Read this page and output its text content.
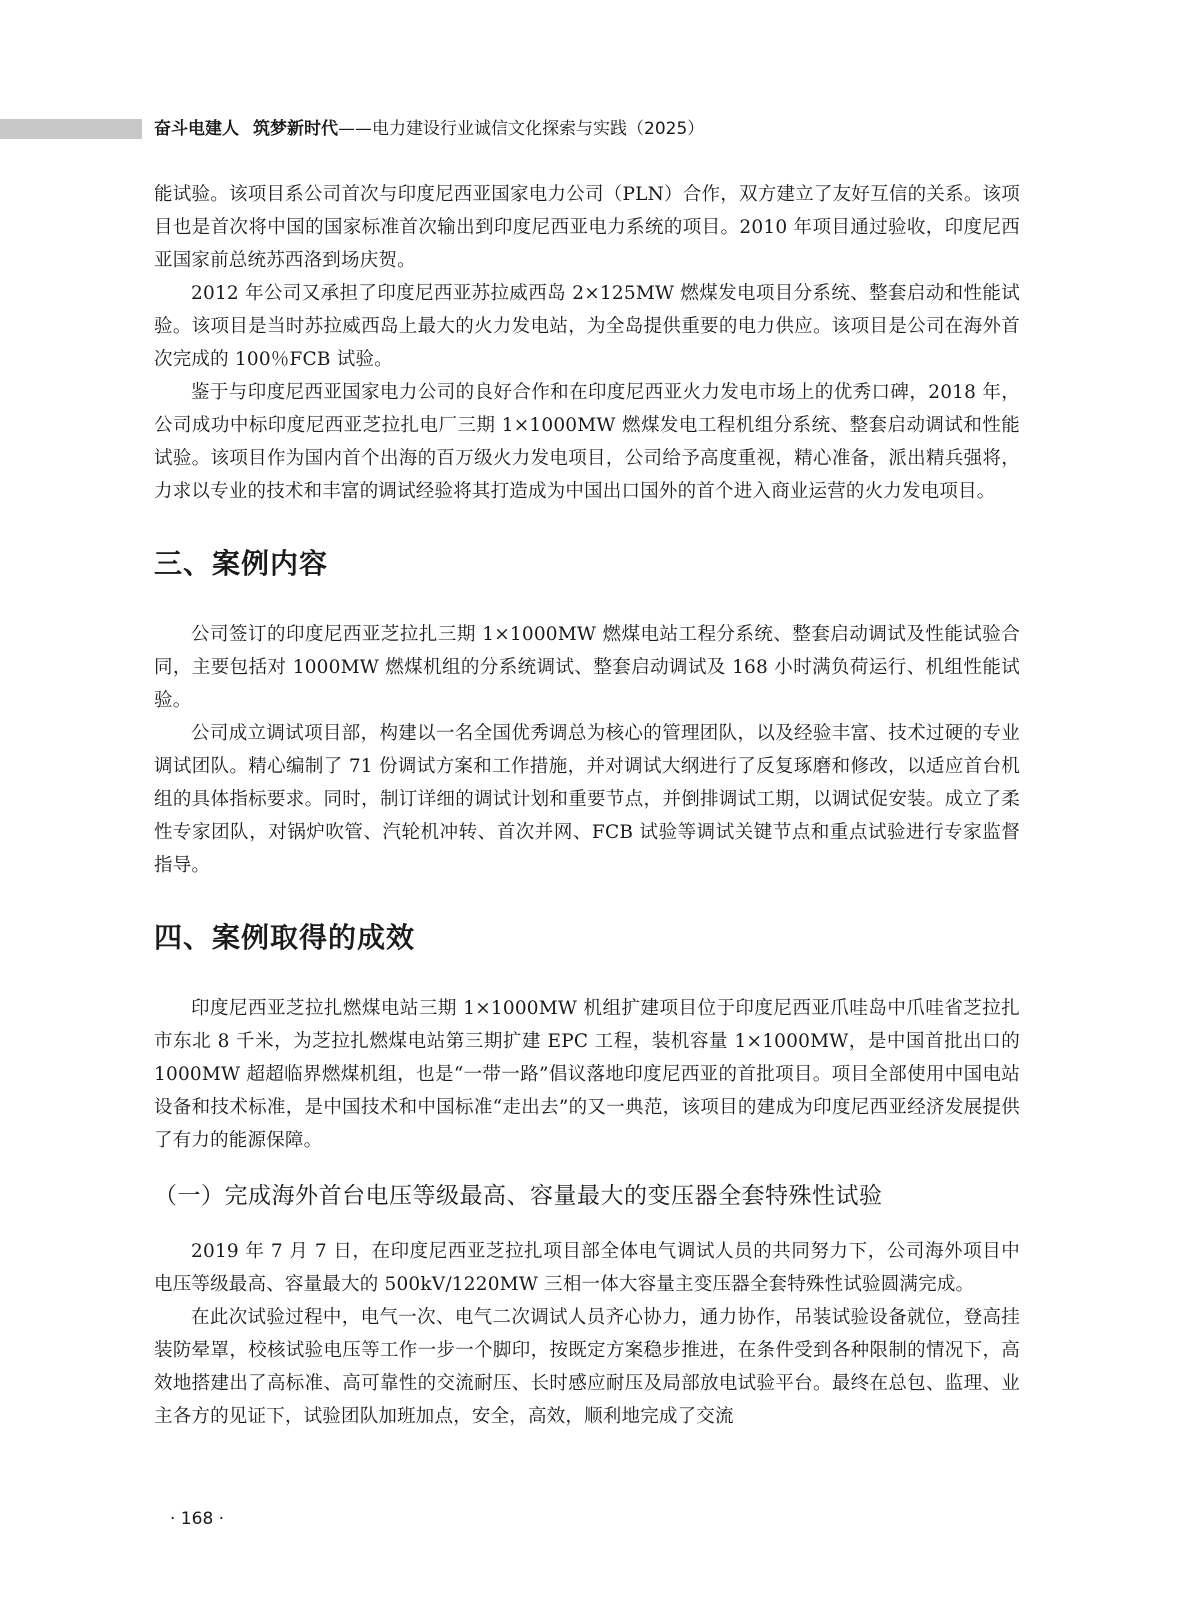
奋斗电建人 筑梦新时代——电力建设行业诚信文化探索与实践（2025）

能试验。该项目系公司首次与印度尼西亚国家电力公司（PLN）合作，双方建立了友好互信的关系。该项目也是首次将中国的国家标准首次输出到印度尼西亚电力系统的项目。2010 年项目通过验收，印度尼西亚国家前总统苏西洛到场庆贺。

2012 年公司又承担了印度尼西亚苏拉威西岛 2×125MW 燃煤发电项目分系统、整套启动和性能试验。该项目是当时苏拉威西岛上最大的火力发电站，为全岛提供重要的电力供应。该项目是公司在海外首次完成的 100％FCB 试验。

鉴于与印度尼西亚国家电力公司的良好合作和在印度尼西亚火力发电市场上的优秀口碑，2018 年，公司成功中标印度尼西亚芝拉扎电厂三期 1×1000MW 燃煤发电工程机组分系统、整套启动调试和性能试验。该项目作为国内首个出海的百万级火力发电项目，公司给予高度重视，精心准备，派出精兵强将，力求以专业的技术和丰富的调试经验将其打造成为中国出口国外的首个进入商业运营的火力发电项目。

三、案例内容

公司签订的印度尼西亚芝拉扎三期 1×1000MW 燃煤电站工程分系统、整套启动调试及性能试验合同，主要包括对 1000MW 燃煤机组的分系统调试、整套启动调试及 168 小时满负荷运行、机组性能试验。

公司成立调试项目部，构建以一名全国优秀调总为核心的管理团队，以及经验丰富、技术过硬的专业调试团队。精心编制了 71 份调试方案和工作措施，并对调试大纲进行了反复琢磨和修改，以适应首台机组的具体指标要求。同时，制订详细的调试计划和重要节点，并倒排调试工期，以调试促安装。成立了柔性专家团队，对锅炉吹管、汽轮机冲转、首次并网、FCB 试验等调试关键节点和重点试验进行专家监督指导。

四、案例取得的成效

印度尼西亚芝拉扎燃煤电站三期 1×1000MW 机组扩建项目位于印度尼西亚爪哇岛中爪哇省芝拉扎市东北 8 千米，为芝拉扎燃煤电站第三期扩建 EPC 工程，装机容量 1×1000MW，是中国首批出口的 1000MW 超超临界燃煤机组，也是“一带一路”倡议落地印度尼西亚的首批项目。项目全部使用中国电站设备和技术标准，是中国技术和中国标准“走出去”的又一典范，该项目的建成为印度尼西亚经济发展提供了有力的能源保障。

（一）完成海外首台电压等级最高、容量最大的变压器全套特殊性试验

2019 年 7 月 7 日，在印度尼西亚芝拉扎项目部全体电气调试人员的共同努力下，公司海外项目中电压等级最高、容量最大的 500kV/1220MW 三相一体大容量主变压器全套特殊性试验圆满完成。

在此次试验过程中，电气一次、电气二次调试人员齐心协力，通力协作，吊装试验设备就位，登高挂装防晕罩，校核试验电压等工作一步一个脚印，按既定方案稳步推进，在条件受到各种限制的情况下，高效地搭建出了高标准、高可靠性的交流耐压、长时感应耐压及局部放电试验平台。最终在总包、监理、业主各方的见证下，试验团队加班加点，安全，高效，顺利地完成了交流

· 168 ·
